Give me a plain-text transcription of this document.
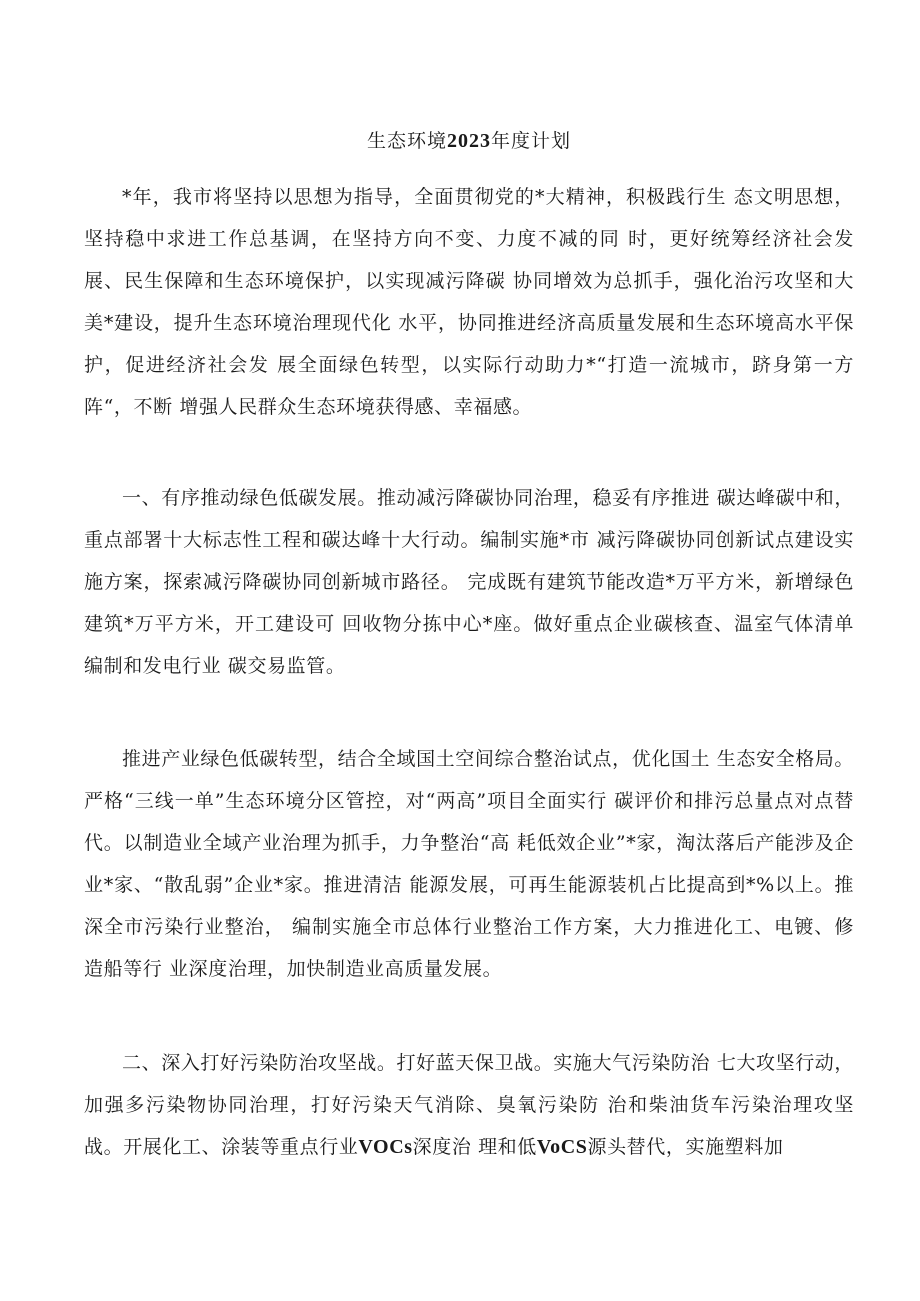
生态环境2023年度计划

*年，我市将坚持以思想为指导，全面贯彻党的*大精神，积极践行生 态文明思想，坚持稳中求进工作总基调，在坚持方向不变、力度不减的同 时，更好统筹经济社会发展、民生保障和生态环境保护，以实现减污降碳 协同增效为总抓手，强化治污攻坚和大美*建设，提升生态环境治理现代化 水平，协同推进经济高质量发展和生态环境高水平保护，促进经济社会发 展全面绿色转型，以实际行动助力*“打造一流城市，跻身第一方阵“，不断 增强人民群众生态环境获得感、幸福感。

一、有序推动绿色低碳发展。推动减污降碳协同治理，稳妥有序推进 碳达峰碳中和，重点部署十大标志性工程和碳达峰十大行动。编制实施*市 减污降碳协同创新试点建设实施方案，探索减污降碳协同创新城市路径。 完成既有建筑节能改造*万平方米，新增绿色建筑*万平方米，开工建设可 回收物分拣中心*座。做好重点企业碳核查、温室气体清单编制和发电行业 碳交易监管。

推进产业绿色低碳转型，结合全域国土空间综合整治试点，优化国土 生态安全格局。严格“三线一单”生态环境分区管控，对“两高”项目全面实行 碳评价和排污总量点对点替代。以制造业全域产业治理为抓手，力争整治“高 耗低效企业”*家，淘汰落后产能涉及企业*家、“散乱弱”企业*家。推进清洁 能源发展，可再生能源装机占比提高到*%以上。推深全市污染行业整治， 编制实施全市总体行业整治工作方案，大力推进化工、电镀、修造船等行 业深度治理，加快制造业高质量发展。

二、深入打好污染防治攻坚战。打好蓝天保卫战。实施大气污染防治 七大攻坚行动，加强多污染物协同治理，打好污染天气消除、臭氧污染防 治和柴油货车污染治理攻坚战。开展化工、涂装等重点行业VOCs深度治 理和低VoCS源头替代，实施塑料加
